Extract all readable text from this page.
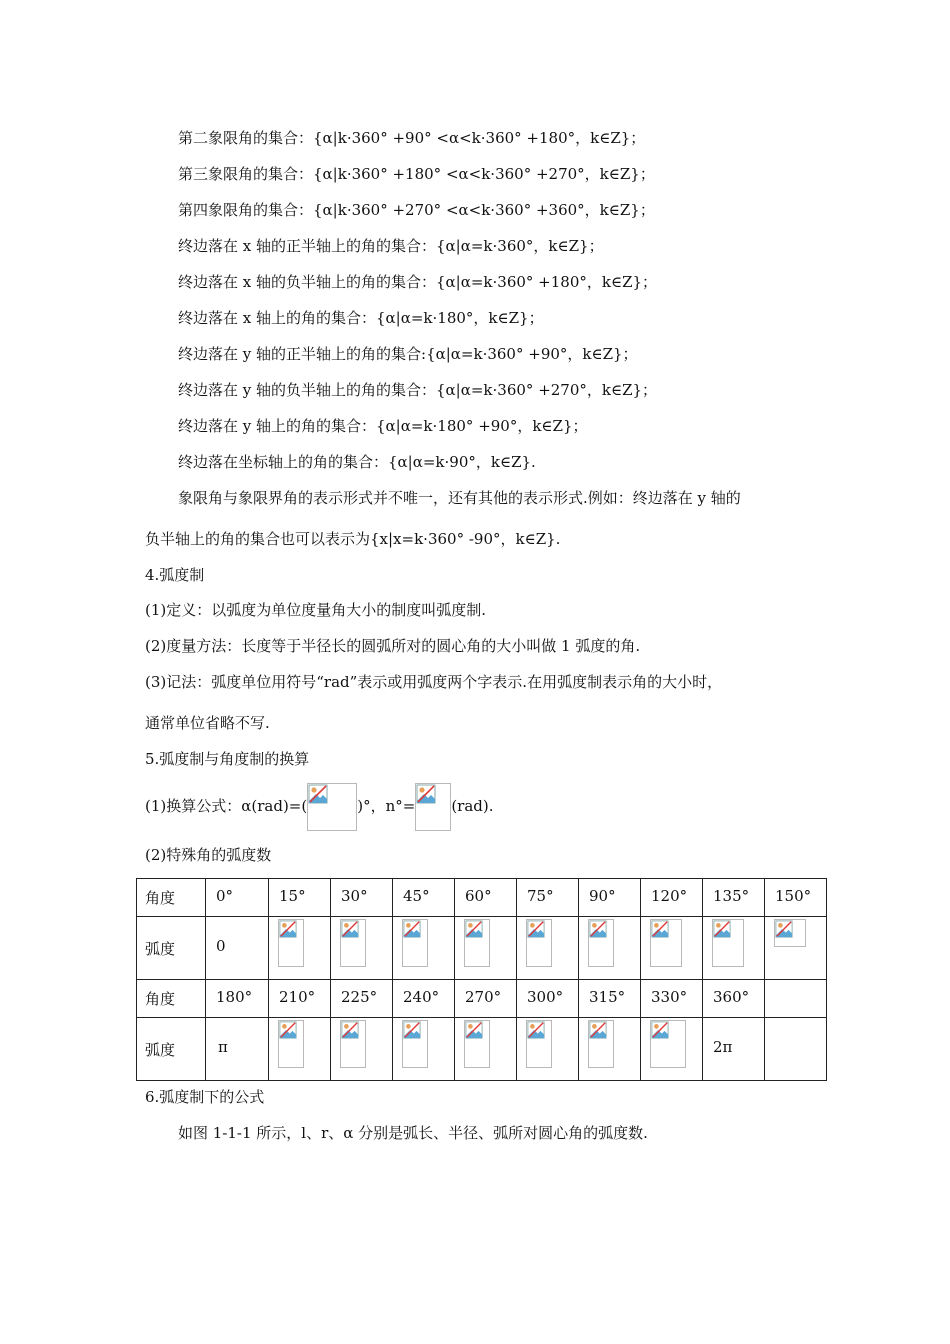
第二象限角的集合：{α|k·360° +90° <α<k·360° +180°，k∈Z}；
第三象限角的集合：{α|k·360° +180° <α<k·360° +270°，k∈Z}；
第四象限角的集合：{α|k·360° +270° <α<k·360° +360°，k∈Z}；
终边落在 x 轴的正半轴上的角的集合：{α|α=k·360°，k∈Z}；
终边落在 x 轴的负半轴上的角的集合：{α|α=k·360° +180°，k∈Z}；
终边落在 x 轴上的角的集合：{α|α=k·180°，k∈Z}；
终边落在 y 轴的正半轴上的角的集合:{α|α=k·360° +90°，k∈Z}；
终边落在 y 轴的负半轴上的角的集合：{α|α=k·360° +270°，k∈Z}；
终边落在 y 轴上的角的集合：{α|α=k·180° +90°，k∈Z}；
终边落在坐标轴上的角的集合：{α|α=k·90°，k∈Z}.
象限角与象限界角的表示形式并不唯一，还有其他的表示形式.例如：终边落在 y 轴的
负半轴上的角的集合也可以表示为{x|x=k·360° -90°，k∈Z}.
4.弧度制
(1)定义：以弧度为单位度量角大小的制度叫弧度制.
(2)度量方法：长度等于半径长的圆弧所对的圆心角的大小叫做 1 弧度的角.
(3)记法：弧度单位用符号“rad”表示或用弧度两个字表示.在用弧度制表示角的大小时，
通常单位省略不写.
5.弧度制与角度制的换算
(1)换算公式：α(rad)=(	)°，n°= (rad).
(2)特殊角的弧度数
角度	0°	15°	30°	45°	60°	75°	90°	120°	135°	150°

弧度	0

角度	180°	210°	225°	240°	270°	300°	315°	330°	360°	

弧度	π								2π	

6.弧度制下的公式
如图 1-1-1 所示，l、r、α 分别是弧长、半径、弧所对圆心角的弧度数.
